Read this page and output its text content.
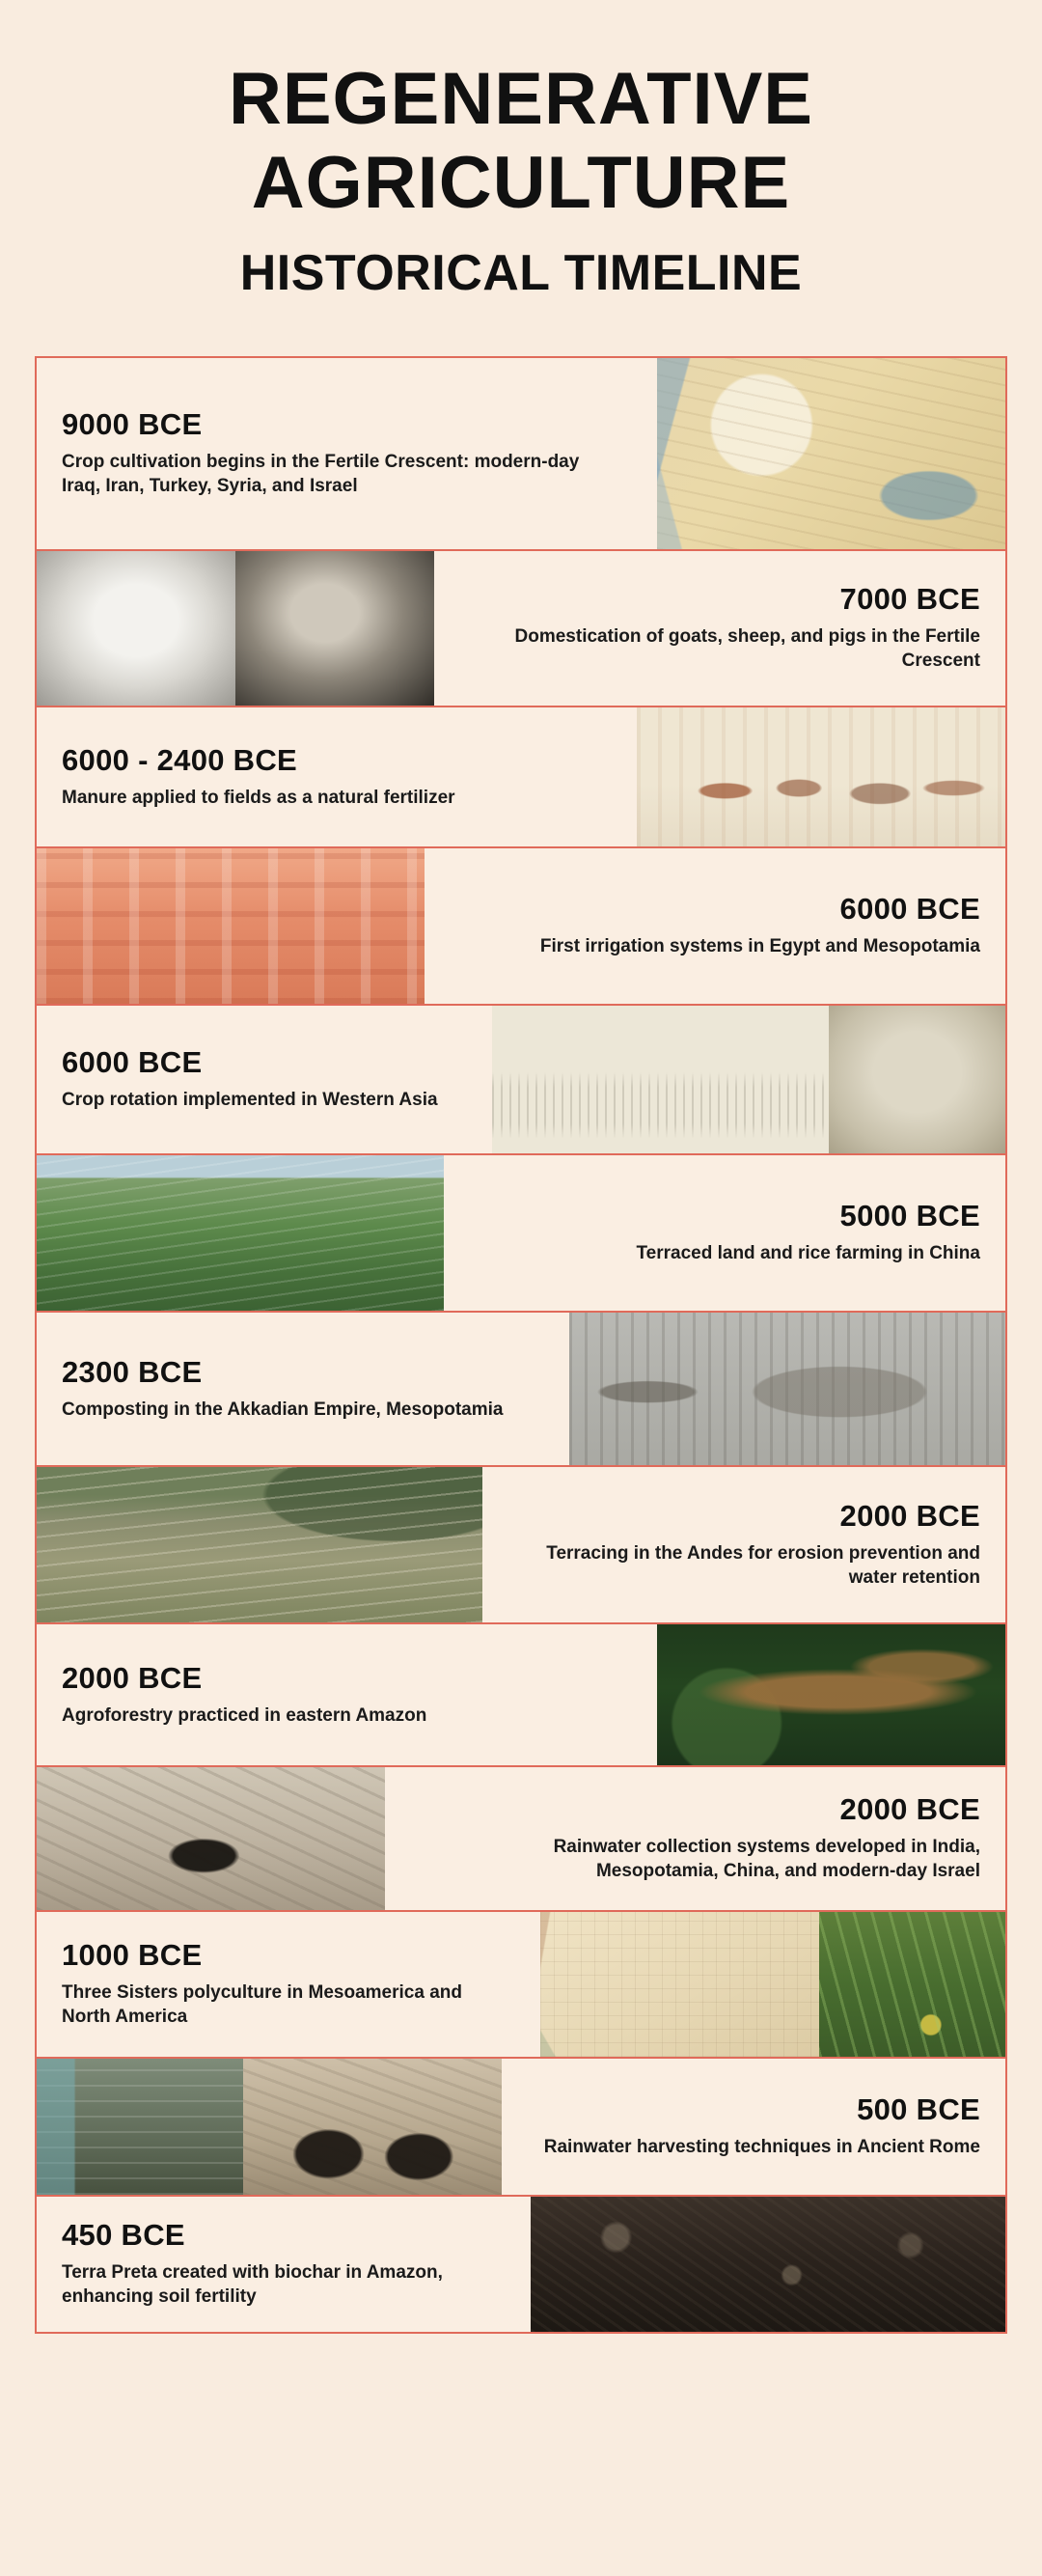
REGENERATIVE
AGRICULTURE
HISTORICAL TIMELINE
9000 BCE
Crop cultivation begins in the Fertile Crescent: modern-day Iraq, Iran, Turkey, Syria, and Israel
7000 BCE
Domestication of goats, sheep, and pigs in the Fertile Crescent
6000 - 2400 BCE
Manure applied to fields as a natural fertilizer
6000 BCE
First irrigation systems in Egypt and Mesopotamia
6000 BCE
Crop rotation implemented in Western Asia
5000 BCE
Terraced land and rice farming in China
2300 BCE
Composting in the Akkadian Empire, Mesopotamia
2000 BCE
Terracing in the Andes for erosion prevention and water retention
2000 BCE
Agroforestry practiced in eastern Amazon
2000 BCE
Rainwater collection systems developed in India, Mesopotamia, China, and modern-day Israel
1000 BCE
Three Sisters polyculture in Mesoamerica and North America
500 BCE
Rainwater harvesting techniques in Ancient Rome
450 BCE
Terra Preta created with biochar in Amazon, enhancing soil fertility
